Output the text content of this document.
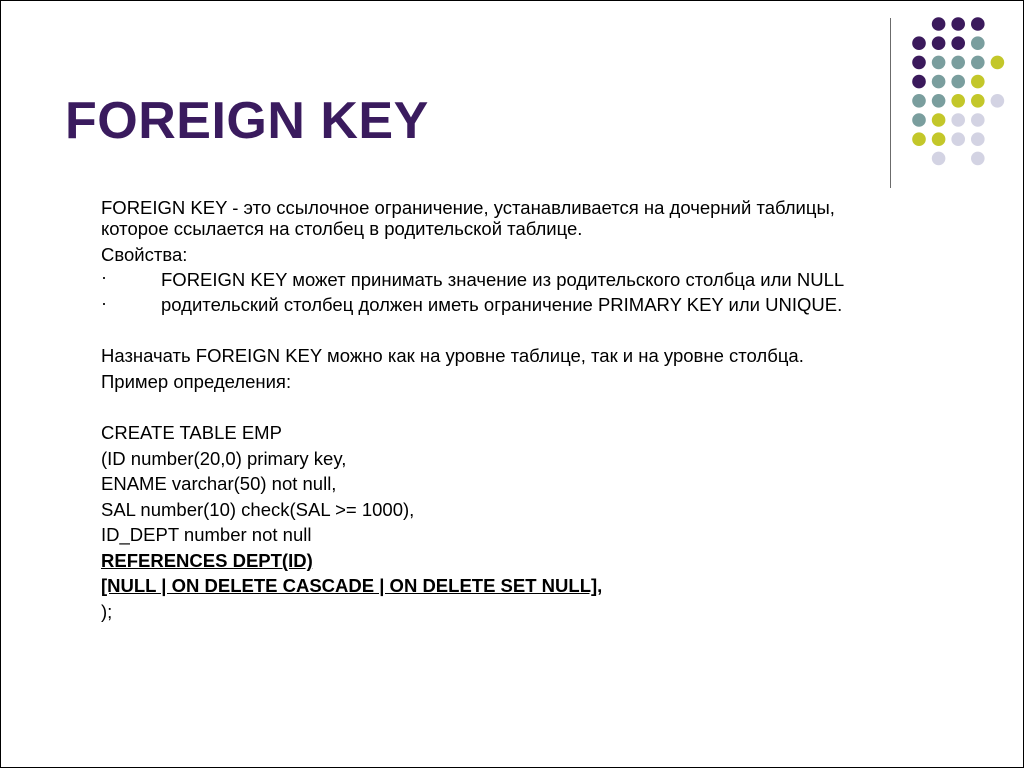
FOREIGN KEY
FOREIGN KEY - это ссылочное ограничение, устанавливается на дочерний таблицы,
которое ссылается на столбец в родительской таблице.
Свойства:
·	FOREIGN KEY может принимать значение из родительского столбца или NULL
·	родительский столбец должен иметь ограничение PRIMARY KEY или UNIQUE.
Назначать FOREIGN KEY можно как на уровне таблице, так и на уровне столбца.
Пример определения:
CREATE TABLE EMP
(ID number(20,0) primary key,
ENAME varchar(50) not null,
SAL number(10) check(SAL >= 1000),
ID_DEPT number not null
REFERENCES DEPT(ID)
[NULL | ON DELETE CASCADE | ON DELETE SET NULL],
);
